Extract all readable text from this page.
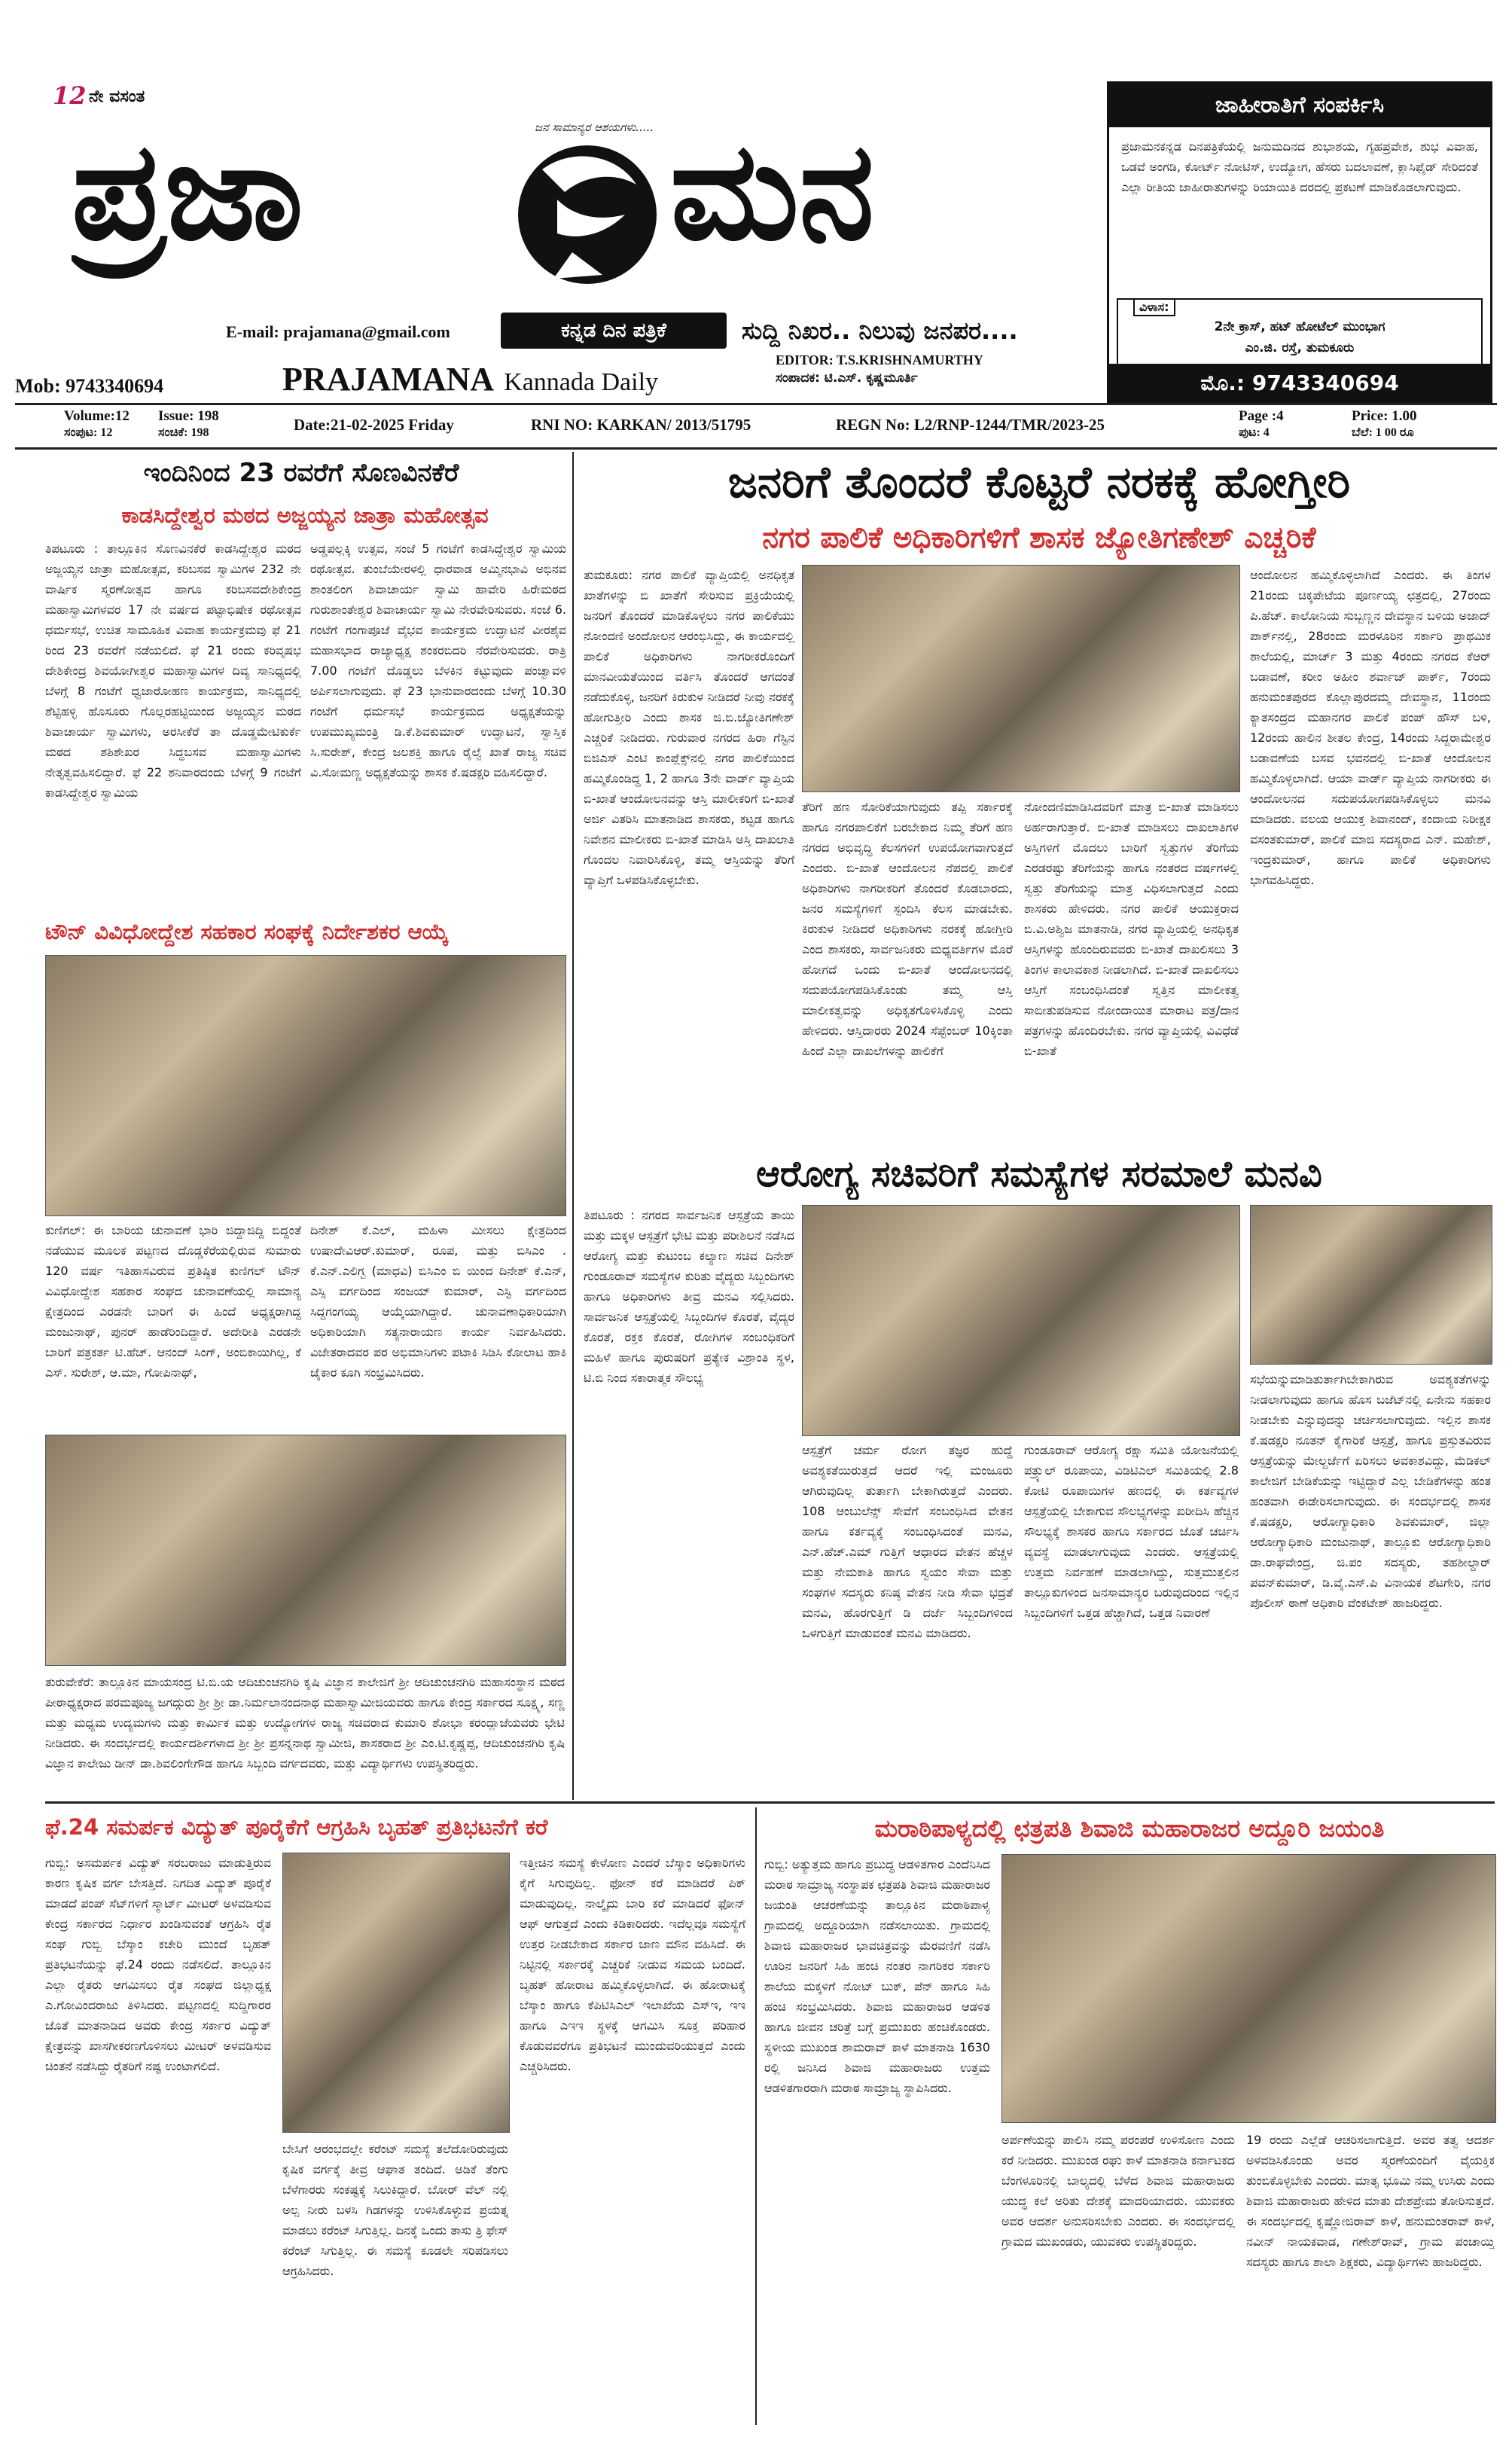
12 ನೇ ವಸಂತ
ಪ್ರಜಾ	ಜನ ಸಾಮಾನ್ಯರ ಆಶಯಗಳು..... ಮನ
E-mail: prajamana@gmail.com	ಕನ್ನಡ ದಿನ ಪತ್ರಿಕೆ	ಸುದ್ದಿ ನಿಖರ.. ನಿಲುವು ಜನಪರ....
EDITOR: T.S.KRISHNAMURTHY
ಸಂಪಾದಕ: ಟಿ.ಎಸ್. ಕೃಷ್ಣಮೂರ್ತಿ
Mob: 9743340694	PRAJAMANA Kannada Daily
ಜಾಹೀರಾತಿಗೆ ಸಂಪರ್ಕಿಸಿ
ಪ್ರಜಾಮನಕನ್ನಡ ದಿನಪತ್ರಿಕೆಯಲ್ಲಿ ಜನುಮದಿನದ ಶುಭಾಶಯ, ಗೃಹಪ್ರವೇಶ, ಶುಭ ವಿವಾಹ, ಒಡವೆ ಅಂಗಡಿ, ಕೋರ್ಟ್ ನೋಟಿಸ್, ಉದ್ಯೋಗ, ಹೆಸರು ಬದಲಾವಣೆ, ಕ್ಲಾಸಿಫೈಡ್ ಸೇರಿದಂತೆ ಎಲ್ಲಾ ರೀತಿಯ ಜಾಹೀರಾತುಗಳನ್ನು ರಿಯಾಯಿತಿ ದರದಲ್ಲಿ ಪ್ರಕಟಣೆ ಮಾಡಿಕೊಡಲಾಗುವುದು.
ವಿಳಾಸ:
2ನೇ ಕ್ರಾಸ್, ಹಟ್ ಹೋಟೆಲ್ ಮುಂಭಾಗ
ಎಂ.ಜಿ. ರಸ್ತೆ, ತುಮಕೂರು
ಮೊ.: 9743340694
Volume:12 Issue: 198
ಸಂಪುಟ: 12	ಸಂಚಿಕೆ: 198	Date:21-02-2025 Friday	RNI NO: KARKAN/ 2013/51795	REGN No: L2/RNP-1244/TMR/2023-25	Page :4
ಪುಟ: 4
Price: 1.00
ಬೆಲೆ: 1 00 ರೂ
ಇಂದಿನಿಂದ 23 ರವರೆಗೆ ಸೊಣವಿನಕೆರೆ
ಕಾಡಸಿದ್ದೇಶ್ವರ ಮಠದ ಅಜ್ಜಯ್ಯನ ಜಾತ್ರಾ ಮಹೋತ್ಸವ
ತಿಪಟೂರು : ತಾಲ್ಲೂಕಿನ ಸೊಣವಿನಕೆರೆ ಕಾಡಸಿದ್ದೇಶ್ವರ ಮಠದ ಅಜ್ಜಯ್ಯನ ಜಾತ್ರಾ ಮಹೋತ್ಸವ, ಕರಿಬಸವ ಸ್ವಾಮಿಗಳ 232 ನೇ ವಾರ್ಷಿಕ ಸ್ಮರಣೋತ್ಸವ ಹಾಗೂ ಕರಿಬಸವದೇಶಿಕೇಂದ್ರ ಮಹಾಸ್ವಾಮಿಗಳವರ 17 ನೇ ವರ್ಷದ ಪಟ್ಟಾಭಿಷೇಕ ರಥೋತ್ಸವ ಧರ್ಮಸಭೆ, ಉಚಿತ ಸಾಮೂಹಿಕ ವಿವಾಹ ಕಾರ್ಯಕ್ರಮವು ಫೆ 21 ರಿಂದ 23 ರವರೆಗೆ ನಡೆಯಲಿದೆ. ಫೆ 21 ರಂದು ಕರಿವೃಷಭ ದೇಶಿಕೇಂದ್ರ ಶಿವಯೋಗೀಶ್ವರ ಮಹಾಸ್ವಾಮಿಗಳ ದಿವ್ಯ ಸಾನಿಧ್ಯದಲ್ಲಿ ಬೆಳಗ್ಗೆ 8 ಗಂಟೆಗೆ ಧ್ವಜಾರೋಹಣ ಕಾರ್ಯಕ್ರಮ, ಸಾನಿಧ್ಯದಲ್ಲಿ ಶೆಟ್ಟಿಹಳ್ಳಿ ಹೊಸೂರು ಗೊಲ್ಲರಹಟ್ಟಿಯಿಂದ ಅಜ್ಜಯ್ಯನ ಮಠದ ಶಿವಾಚಾರ್ಯ ಸ್ವಾಮಿಗಳು, ಅರಸೀಕೆರೆ ತಾ ದೊಡ್ಡಮೇಟಿಕುರ್ಕೆ ಮಠದ ಶಶಿಶೇಖರ ಸಿದ್ಧಬಸವ ಮಹಾಸ್ವಾಮಿಗಳು ನೇತೃತ್ವವಹಿಸಲಿದ್ದಾರೆ. ಫೆ 22 ಶನಿವಾರದಂದು ಬೆಳಗ್ಗೆ 9 ಗಂಟೆಗೆ ಕಾಡಸಿದ್ದೇಶ್ವರ ಸ್ವಾಮಿಯ
ಅಡ್ಡಪಲ್ಲಕ್ಕಿ ಉತ್ಸವ, ಸಂಜೆ 5 ಗಂಟೆಗೆ ಕಾಡಸಿದ್ದೇಶ್ವರ ಸ್ವಾಮಿಯ ರಥೋತ್ಸವ. ತುಂಬೆಯೇರಳಲ್ಲಿ ಧಾರವಾಡ ಅಮ್ಮಿನಭಾವಿ ಅಭಿನವ ಶಾಂತಲಿಂಗ ಶಿವಾಚಾರ್ಯ ಸ್ವಾಮಿ ಹಾವೇರಿ ಹಿರೇಮಠದ ಗುರುಶಾಂತೇಶ್ವರ ಶಿವಾಚಾರ್ಯ ಸ್ವಾಮಿ ನೇರವೇರಿಸುವರು. ಸಂಜೆ 6. ಗಂಟೆಗೆ ಗಂಗಾಪೂಜೆ ವೈಭವ ಕಾರ್ಯಕ್ರಮ ಉದ್ಘಾಟನೆ ವೀರಶೈವ ಮಹಾಸಭಾದ ರಾಜ್ಯಾಧ್ಯಕ್ಷ ಶಂಕರಬಿದರಿ ನೆರವೇರಿಸುವರು. ರಾತ್ರಿ 7.00 ಗಂಟೆಗೆ ದೊಡ್ಡಲು ಬೆಳಕಿನ ಕಟ್ಟುವುದು ಪಂಚ್ವಾವಳಿ ಅರ್ಪಿಸಲಾಗುವುದು. ಫೆ 23 ಭಾನುವಾರದಂದು ಬೆಳಗ್ಗೆ 10.30 ಗಂಟೆಗೆ ಧರ್ಮಸಭೆ ಕಾರ್ಯಕ್ರಮದ ಅಧ್ಯಕ್ಷತೆಯನ್ನು ಉಪಮುಖ್ಯಮಂತ್ರಿ ಡಿ.ಕೆ.ಶಿವಕುಮಾರ್ ಉದ್ಘಾಟನೆ, ಸ್ವಾಸ್ತಿಕ ಸಿ.ಸುರೇಶ್, ಕೇಂದ್ರ ಜಲಶಕ್ತಿ ಹಾಗೂ ರೈಲ್ವೆ ಖಾತೆ ರಾಜ್ಯ ಸಚಿವ ವಿ.ಸೋಮಣ್ಣ ಅಧ್ಯಕ್ಷತೆಯನ್ನು ಶಾಸಕ ಕೆ.ಷಡಕ್ಷರಿ ವಹಿಸಲಿದ್ದಾರೆ.
ಟೌನ್ ವಿವಿಧೋದ್ದೇಶ ಸಹಕಾರ ಸಂಘಕ್ಕೆ ನಿರ್ದೇಶಕರ ಆಯ್ಕೆ
ಕುಣಿಗಲ್: ಈ ಬಾರಿಯ ಚುನಾವಣೆ ಭಾರಿ ಜಿದ್ದಾಜಿದ್ದಿ ಬಿದ್ದಂತೆ ನಡೆಯುವ ಮೂಲಕ ಪಟ್ಟಣದ ದೊಡ್ಡಕೆರೆಯಲ್ಲಿರುವ ಸುಮಾರು 120 ವರ್ಷ ಇತಿಹಾಸವಿರುವ ಪ್ರತಿಷ್ಠಿತ ಕುಣಿಗಲ್ ಟೌನ್ ವಿವಿಧೋದ್ದೇಶ ಸಹಕಾರ ಸಂಘದ ಚುನಾವಣೆಯಲ್ಲಿ ಸಾಮಾನ್ಯ ಕ್ಷೇತ್ರದಿಂದ ಎರಡನೇ ಬಾರಿಗೆ ಈ ಹಿಂದೆ ಅಧ್ಯಕ್ಷರಾಗಿದ್ದ ಮಂಜುನಾಥ್, ಪುನರ್ ಹಾಡೆರಿಂದಿದ್ದಾರೆ. ಅದೇರೀತಿ ಎರಡನೇ ಬಾರಿಗೆ ಪತ್ರಕರ್ತ ಟಿ.ಹೆಚ್. ಆನಂದ್ ಸಿಂಗ್, ಅಂಬಿಕಾಯಿಗಿಲ್ಲ, ಕೆ ಎಸ್. ಸುರೇಶ್, ಆ.ಮಾ, ಗೋಪಿನಾಥ್,
ದಿನೇಶ್ ಕೆ.ಎಲ್, ಮಹಿಳಾ ಮೀಸಲು ಕ್ಷೇತ್ರದಿಂದ ಉಷಾದೇವಿಆರ್.ಕುಮಾರ್, ರೂಪ, ಮತ್ತು ಬಿಸಿಎಂ . ಕೆ.ಎನ್.ಎಲಿಗ್ಬ (ಮಾಧವಿ) ಬಿಸಿಎಂ ಬಿ ಯಿಂದ ದಿನೇಶ್ ಕೆ.ಎನ್, ಎಸ್ಸಿ ವರ್ಗದಿಂದ ಸಂಜಯ್ ಕುಮಾರ್, ಎಸ್ಟಿ ವರ್ಗದಿಂದ ಸಿದ್ದಗಂಗಯ್ಯ ಆಯ್ಕೆಯಾಗಿದ್ದಾರೆ. ಚುನಾವಣಾಧಿಕಾರಿಯಾಗಿ ಅಧಿಕಾರಿಯಾಗಿ ಸತ್ಯನಾರಾಯಣ ಕಾರ್ಯ ನಿರ್ವಹಿಸಿದರು. ವಿಜೇತರಾದವರ ಪರ ಅಭಿಮಾನಿಗಳು ಪಟಾಕಿ ಸಿಡಿಸಿ ಕೋಲಾಟ ಹಾಕಿ ಜೈಕಾರ ಕೂಗಿ ಸಂಭ್ರಮಿಸಿದರು.
ತುರುವೇಕೆರೆ: ತಾಲ್ಲೂಕಿನ ಮಾಯಸಂದ್ರ ಟಿ.ಬಿ.ಯ ಆದಿಚುಂಚನಗಿರಿ ಕೃಷಿ ವಿಜ್ಞಾನ ಕಾಲೇಜಿಗೆ ಶ್ರೀ ಆದಿಚುಂಚನಗಿರಿ ಮಹಾಸಂಸ್ಥಾನ ಮಠದ ಪೀಠಾಧ್ಯಕ್ಷರಾದ ಪರಮಪೂಜ್ಯ ಜಗದ್ಗುರು ಶ್ರೀ ಶ್ರೀ ಡಾ.ನಿರ್ಮಲಾನಂದನಾಥ ಮಹಾಸ್ವಾಮೀಜಿಯವರು ಹಾಗೂ ಕೇಂದ್ರ ಸರ್ಕಾರದ ಸೂಕ್ಷ್ಮ, ಸಣ್ಣ ಮತ್ತು ಮಧ್ಯಮ ಉದ್ಯಮಗಳು ಮತ್ತು ಕಾರ್ಮಿಕ ಮತ್ತು ಉದ್ಯೋಗಗಳ ರಾಜ್ಯ ಸಚಿವರಾದ ಕುಮಾರಿ ಶೋಭಾ ಕರಂದ್ಲಾಜೆಯವರು ಭೇಟಿ ನೀಡಿದರು. ಈ ಸಂದರ್ಭದಲ್ಲಿ ಕಾರ್ಯದರ್ಶಿಗಳಾದ ಶ್ರೀ ಶ್ರೀ ಪ್ರಸನ್ನನಾಥ ಸ್ವಾಮೀಜಿ, ಶಾಸಕರಾದ ಶ್ರೀ ಎಂ.ಟಿ.ಕೃಷ್ಣಪ್ಪ, ಆದಿಚುಂಚನಗಿರಿ ಕೃಷಿ ವಿಜ್ಞಾನ ಕಾಲೇಜು ಡೀನ್ ಡಾ.ಶಿವಲಿಂಗೇಗೌಡ ಹಾಗೂ ಸಿಬ್ಬಂದಿ ವರ್ಗದವರು, ಮತ್ತು ವಿದ್ಯಾರ್ಥಿಗಳು ಉಪಸ್ಥಿತರಿದ್ದರು.
ಜನರಿಗೆ ತೊಂದರೆ ಕೊಟ್ಟರೆ ನರಕಕ್ಕೆ ಹೋಗ್ತೀರಿ
ನಗರ ಪಾಲಿಕೆ ಅಧಿಕಾರಿಗಳಿಗೆ ಶಾಸಕ ಜ್ಯೋತಿಗಣೇಶ್ ಎಚ್ಚರಿಕೆ
ತುಮಕೂರು: ನಗರ ಪಾಲಿಕೆ ವ್ಯಾಪ್ತಿಯಲ್ಲಿ ಅನಧಿಕೃತ ಖಾತೆಗಳನ್ನು ಬಿ ಖಾತೆಗೆ ಸೇರಿಸುವ ಪ್ರಕ್ರಿಯೆಯಲ್ಲಿ ಜನರಿಗೆ ತೊಂದರೆ ಮಾಡಿಕೊಳ್ಳಲು ನಗರ ಪಾಲಿಕೆಯು ನೋಂದಣಿ ಅಂದೋಲನ ಆರಂಭಿಸಿದ್ದು, ಈ ಕಾರ್ಯದಲ್ಲಿ ಪಾಲಿಕೆ ಅಧಿಕಾರಿಗಳು ನಾಗರೀಕರೊಂದಿಗೆ ಮಾನವೀಯತೆಯಿಂದ ವರ್ತಿಸಿ ತೊಂದರೆ ಆಗದಂತೆ ನಡೆದುಕೊಳ್ಳಿ, ಜನರಿಗೆ ಕಿರುಕುಳ ನೀಡಿದರೆ ನೀವು ನರಕಕ್ಕೆ ಹೋಗುತ್ತೀರಿ ಎಂದು ಶಾಸಕ ಜಿ.ಬಿ.ಜ್ಯೋತಿಗಣೇಶ್ ಎಚ್ಚರಿಕೆ ನೀಡಿದರು. ಗುರುವಾರ ನಗರದ ಹಿರಾ ಗೆಸ್ಟಿನ ಬಿಜಿಎಸ್ ಎಂಟಿ ಕಾಂಪ್ಲೆಕ್ಸ್‌ನಲ್ಲಿ ನಗರ ಪಾಲಿಕೆಯಿಂದ ಹಮ್ಮಿಕೊಂಡಿದ್ದ 1, 2 ಹಾಗೂ 3ನೇ ವಾರ್ಡ್ ವ್ಯಾಪ್ತಿಯ ಬಿ-ಖಾತೆ ಆಂದೋಲನವನ್ನು ಆಸ್ತಿ ಮಾಲೀಕರಿಗೆ ಬಿ-ಖಾತೆ ಅರ್ಜಿ ವಿತರಿಸಿ ಮಾತನಾಡಿದ ಶಾಸಕರು, ಕಟ್ಟಡ ಹಾಗೂ ನಿವೇಶನ ಮಾಲೀಕರು ಬಿ-ಖಾತೆ ಮಾಡಿಸಿ ಅಸ್ತಿ ದಾಖಲಾತಿ ಗೊಂದಲ ನಿವಾರಿಸಿಕೊಳ್ಳಿ, ತಮ್ಮ ಆಸ್ತಿಯನ್ನು ತೆರಿಗೆ ವ್ಯಾಪ್ತಿಗೆ ಒಳಪಡಿಸಿಕೊಳ್ಳಬೇಕು.
ತೆರಿಗೆ ಹಣ ಸೋರಿಕೆಯಾಗುವುದು ತಪ್ಪಿ ಸರ್ಕಾರಕ್ಕೆ ಹಾಗೂ ನಗರಪಾಲಿಕೆಗೆ ಬರಬೇಕಾದ ನಿಮ್ಮ ತೆರಿಗೆ ಹಣ ನಗರದ ಅಭಿವೃದ್ಧಿ ಕೆಲಸಗಳಿಗೆ ಉಪಯೋಗವಾಗುತ್ತದೆ ಎಂದರು. ಬಿ-ಖಾತೆ ಆಂದೋಲನ ನೆಪದಲ್ಲಿ ಪಾಲಿಕೆ ಅಧಿಕಾರಿಗಳು ನಾಗರೀಕರಿಗೆ ತೊಂದರೆ ಕೊಡಬಾರದು, ಜನರ ಸಮಸ್ಯೆಗಳಿಗೆ ಸ್ಪಂದಿಸಿ ಕೆಲಸ ಮಾಡಬೇಕು. ಕಿರುಕುಳ ನೀಡಿದರೆ ಅಧಿಕಾರಿಗಳು ನರಕಕ್ಕೆ ಹೋಗ್ತೀರಿ ಎಂದ ಶಾಸಕರು, ಸಾರ್ವಜನಿಕರು ಮಧ್ಯವರ್ತಿಗಳ ಮೊರೆ ಹೋಗದೆ ಒಂದು ಬಿ-ಖಾತೆ ಆಂದೋಲನದಲ್ಲಿ ಸದುಪಯೋಗಪಡಿಸಿಕೊಂಡು ತಮ್ಮ ಆಸ್ತಿ ಮಾಲೀಕತ್ವವನ್ನು ಅಧಿಕೃತಗೊಳಿಸಿಕೊಳ್ಳಿ ಎಂದು ಹೇಳಿದರು. ಆಸ್ತಿದಾರರು 2024 ಸೆಪ್ಟೆಂಬರ್ 10ಕ್ಕಿಂತಾ ಹಿಂದೆ ಎಲ್ಲಾ ದಾಖಲೆಗಳನ್ನು ಪಾಲಿಕೆಗೆ
ನೋಂದಣಿಮಾಡಿಸಿದವರಿಗೆ ಮಾತ್ರ ಬಿ-ಖಾತೆ ಮಾಡಿಸಲು ಅರ್ಹರಾಗುತ್ತಾರೆ. ಬಿ-ಖಾತೆ ಮಾಡಿಸಲು ದಾಖಲಾತಿಗಳ ಅಸ್ತಿಗಳಿಗೆ ಮೊದಲು ಬಾರಿಗೆ ಸ್ವತ್ತುಗಳ ತೆರಿಗೆಯ ಎರಡರಷ್ಟು ತೆರಿಗೆಯನ್ನು ಹಾಗೂ ನಂತರದ ವರ್ಷಗಳಲ್ಲಿ ಸ್ವತ್ತು ತೆರಿಗೆಯನ್ನು ಮಾತ್ರ ವಿಧಿಸಲಾಗುತ್ತದೆ ಎಂದು ಶಾಸಕರು ಹೇಳಿದರು. ನಗರ ಪಾಲಿಕೆ ಆಯುಕ್ತರಾದ ಬಿ.ವಿ.ಅಶ್ವಿಜ ಮಾತನಾಡಿ, ನಗರ ವ್ಯಾಪ್ತಿಯಲ್ಲಿ ಅನಧಿಕೃತ ಆಸ್ತಿಗಳನ್ನು ಹೊಂದಿರುವವರು ಬಿ-ಖಾತೆ ದಾಖಲಿಸಲು 3 ತಿಂಗಳ ಕಾಲಾವಕಾಶ ನೀಡಲಾಗಿದೆ. ಬಿ-ಖಾತೆ ದಾಖಲಿಸಲು ಆಸ್ತಿಗೆ ಸಂಬಂಧಿಸಿದಂತೆ ಸ್ವತ್ತಿನ ಮಾಲೀಕತ್ವ ಸಾಬೀತುಪಡಿಸುವ ನೋಂದಾಯಿತ ಮಾರಾಟ ಪತ್ರ/ದಾನ ಪತ್ರಗಳನ್ನು ಹೊಂದಿರಬೇಕು. ನಗರ ವ್ಯಾಪ್ತಿಯಲ್ಲಿ ವಿವಿಧೆಡೆ ಬಿ-ಖಾತೆ
ಆಂದೋಲನ ಹಮ್ಮಿಕೊಳ್ಳಲಾಗಿದೆ ಎಂದರು. ಈ ತಿಂಗಳ 21ರಂದು ಚಿಕ್ಕಪೇಟೆಯ ಪೂರ್ಣಯ್ಯ ಛತ್ರದಲ್ಲಿ, 27ರಂದು ಪಿ.ಹೆಚ್. ಕಾಲೋನಿಯ ಸುಬ್ಬಣ್ಣನ ದೇವಸ್ಥಾನ ಬಳಿಯ ಅಜಾದ್ ಪಾರ್ಕ್‌ನಲ್ಲಿ, 28ರಂದು ಮರಳೂರಿನ ಸರ್ಕಾರಿ ಪ್ರಾಥಮಿಕ ಶಾಲೆಯಲ್ಲಿ, ಮಾರ್ಚ್ 3 ಮತ್ತು 4ರಂದು ನಗರದ ಕೆಆರ್ ಬಡಾವಣೆ, ಕರೀಂ ಅಹೀಂ ಶರ್ವಾಜ್ ಪಾರ್ಕ್, 7ರಂದು ಹನುಮಂತಪುರದ ಕೊಲ್ಲಾಪುರದಮ್ಮ ದೇವಸ್ಥಾನ, 11ರಂದು ಕ್ಯಾತಸಂದ್ರದ ಮಹಾನಗರ ಪಾಲಿಕೆ ಪಂಪ್ ಹೌಸ್ ಬಳಿ, 12ರಂದು ಹಾಲಿನ ಶೀತಲ ಕೇಂದ್ರ, 14ರಂದು ಸಿದ್ದರಾಮೇಶ್ವರ ಬಡಾವಣೆಯ ಬಸವ ಭವನದಲ್ಲಿ ಬಿ-ಖಾತೆ ಆಂದೋಲನ ಹಮ್ಮಿಕೊಳ್ಳಲಾಗಿದೆ. ಆಯಾ ವಾರ್ಡ್ ವ್ಯಾಪ್ತಿಯ ನಾಗರೀಕರು ಈ ಆಂದೋಲನದ ಸದುಪಯೋಗಪಡಿಸಿಕೊಳ್ಳಲು ಮನವಿ ಮಾಡಿದರು. ವಲಯ ಆಯುಕ್ತ ಶಿವಾನಂದ್, ಕಂದಾಯ ನಿರೀಕ್ಷಕ ವಸಂತಕುಮಾರ್, ಪಾಲಿಕೆ ಮಾಜಿ ಸದಸ್ಯರಾದ ಎನ್. ಮಹೇಶ್, ಇಂದ್ರಕುಮಾರ್, ಹಾಗೂ ಪಾಲಿಕೆ ಅಧಿಕಾರಿಗಳು ಭಾಗವಹಿಸಿದ್ದರು.
ಆರೋಗ್ಯ ಸಚಿವರಿಗೆ ಸಮಸ್ಯೆಗಳ ಸರಮಾಲೆ ಮನವಿ
ತಿಪಟೂರು : ನಗರದ ಸಾರ್ವಜನಿಕ ಆಸ್ಪತ್ರೆಯ ತಾಯಿ ಮತ್ತು ಮಕ್ಕಳ ಆಸ್ಪತ್ರೆಗೆ ಭೇಟಿ ಮತ್ತು ಪರೀಶಿಲನೆ ನಡೆಸಿದ ಆರೋಗ್ಯ ಮತ್ತು ಕುಟುಂಬ ಕಲ್ಯಾಣ ಸಚಿವ ದಿನೇಶ್ ಗುಂಡೂರಾವ್ ಸಮಸ್ಯೆಗಳ ಕುರಿತು ವೈದ್ಯರು ಸಿಬ್ಬಂದಿಗಳು ಹಾಗೂ ಅಧಿಕಾರಿಗಳು ತೀವ್ರ ಮನವಿ ಸಲ್ಲಿಸಿದರು. ಸಾರ್ವಜನಿಕ ಆಸ್ಪತ್ರೆಯಲ್ಲಿ ಸಿಬ್ಬಂದಿಗಳ ಕೊರತೆ, ವೈದ್ಯರ ಕೊರತೆ, ರಕ್ತಕ ಕೊರತೆ, ರೋಗಿಗಳ ಸಂಬಂಧಿಕರಿಗೆ ಮಹಿಳೆ ಹಾಗೂ ಪುರುಷರಿಗೆ ಪ್ರತ್ಯೇಕ ವಿಶ್ರಾಂತಿ ಸ್ಥಳ, ಟಿ.ಬಿ ನಿಂದ ಸಕಾರಾತ್ಮಕ ಸೌಲಭ್ಯ
ಆಸ್ಪತ್ರೆಗೆ ಚರ್ಮ ರೋಗ ತಜ್ಞರ ಹುದ್ದೆ ಅವಶ್ಯಕತೆಯಿರುತ್ತದೆ ಆದರೆ ಇಲ್ಲಿ ಮಂಜೂರು ಆಗಿರುವುದಿಲ್ಲ ತುರ್ತಾಗಿ ಬೇಕಾಗಿರುತ್ತದೆ ಎಂದರು. 108 ಆಂಬುಲೆನ್ಸ್ ಸೇವೆಗೆ ಸಂಬಂಧಿಸಿದ ವೇತನ ಹಾಗೂ ಕರ್ತವ್ಯಕ್ಕೆ ಸಂಬಂಧಿಸಿದಂತೆ ಮನವಿ, ಎನ್.ಹೆಚ್.ಎಮ್ ಗುತ್ತಿಗೆ ಆಧಾರದ ವೇತನ ಹೆಚ್ಚಳ ಮತ್ತು ನೇಮಕಾತಿ ಹಾಗೂ ಸ್ವಯಂ ಸೇವಾ ಮತ್ತು ಸಂಘಗಳ ಸದಸ್ಯರು ಕನಿಷ್ಠ ವೇತನ ನೀಡಿ ಸೇವಾ ಭದ್ರತೆ ಮನವಿ, ಹೊರಗುತ್ತಿಗೆ ಡಿ ದರ್ಜೆ ಸಿಬ್ಬಂದಿಗಳಿಂದ ಒಳಗುತ್ತಿಗೆ ಮಾಡುವಂತೆ ಮನವಿ ಮಾಡಿದರು.
ಗುಂಡೂರಾವ್ ಆರೋಗ್ಯ ರಕ್ಷಾ ಸಮಿತಿ ಯೋಜನೆಯಲ್ಲಿ ಪತ್ರ್ಯುಲ್ ರೂಪಾಯಿ, ವಿಡಿಟಿಎಲ್ ಸಮಿತಿಯಲ್ಲಿ 2.8 ಕೋಟಿ ರೂಪಾಯಿಗಳ ಹಣದಲ್ಲಿ ಈ ಕರ್ತವ್ಯಗಳ ಆಸ್ಪತ್ರೆಯಲ್ಲಿ ಬೇಕಾಗುವ ಸೌಲಭ್ಯಗಳನ್ನು ಖರೀದಿಸಿ ಹೆಚ್ಚಿನ ಸೌಲಭ್ಯಕ್ಕೆ ಶಾಸಕರ ಹಾಗೂ ಸರ್ಕಾರದ ಜೊತೆ ಚರ್ಚಿಸಿ ವ್ಯವಸ್ಥೆ ಮಾಡಲಾಗುವುದು ಎಂದರು. ಆಸ್ಪತ್ರೆಯಲ್ಲಿ ಉತ್ತಮ ನಿರ್ವಹಣೆ ಮಾಡಲಾಗಿದ್ದು, ಸುತ್ತಮುತ್ತಲಿನ ತಾಲ್ಲೂಕುಗಳಿಂದ ಜನಸಾಮಾನ್ಯರ ಬರುವುದರಿಂದ ಇಲ್ಲಿನ ಸಿಬ್ಬಂದಿಗಳಿಗೆ ಒತ್ತಡ ಹೆಚ್ಚಾಗಿದೆ, ಒತ್ತಡ ನಿವಾರಣೆ
ಸಭೆಯನ್ನುಮಾಡಿತುರ್ತಾಗಿಬೇಕಾಗಿರುವ ಅವಶ್ಯಕತೆಗಳನ್ನು ನೀಡಲಾಗುವುದು ಹಾಗೂ ಹೊಸ ಬಜೆಟ್‌ನಲ್ಲಿ ಏನೇನು ಸಹಕಾರ ನೀಡಬೇಕು ಎನ್ನುವುದನ್ನು ಚರ್ಚಿಸಲಾಗುವುದು. ಇಲ್ಲಿನ ಶಾಸಕ ಕೆ.ಷಡಕ್ಷರಿ ನೂತನ್ ಕೈಗಾರಿಕೆ ಆಸ್ಪತ್ರೆ, ಹಾಗೂ ಪ್ರಸ್ತುತವಿರುವ ಆಸ್ಪತ್ರೆಯನ್ನು ಮೇಲ್ದರ್ಜೆಗೆ ಏರಿಸಲು ಅವಕಾಶವಿದ್ದು, ಮೆಡಿಕಲ್ ಕಾಲೇಜಿಗೆ ಬೇಡಿಕೆಯನ್ನು ಇಟ್ಟಿದ್ದಾರೆ ಎಲ್ಲ ಬೇಡಿಕೆಗಳನ್ನು ಹಂತ ಹಂತವಾಗಿ ಈಡೇರಿಸಲಾಗುವುದು. ಈ ಸಂದರ್ಭದಲ್ಲಿ ಶಾಸಕ ಕೆ.ಷಡಕ್ಷರಿ, ಆರೋಗ್ಯಾಧಿಕಾರಿ ಶಿವಕುಮಾರ್, ಜಿಲ್ಲಾ ಆರೋಗ್ಯಾಧಿಕಾರಿ ಮಂಜುನಾಥ್, ತಾಲ್ಲೂಕು ಆರೋಗ್ಯಾಧಿಕಾರಿ ಡಾ.ರಾಘವೇಂದ್ರ, ಜಿ.ಪಂ ಸದಸ್ಯರು, ತಹಶೀಲ್ದಾರ್ ಪವನ್‌ಕುಮಾರ್, ಡಿ.ವೈ.ಎಸ್.ಪಿ ವಿನಾಯಕ ಶೆಟಗೇರಿ, ನಗರ ಪೊಲೀಸ್ ಠಾಣೆ ಅಧಿಕಾರಿ ವೆಂಕಟೇಶ್ ಹಾಜರಿದ್ದರು.
ಫೆ.24 ಸಮರ್ಪಕ ವಿದ್ಯುತ್ ಪೂರೈಕೆಗೆ ಆಗ್ರಹಿಸಿ ಬೃಹತ್ ಪ್ರತಿಭಟನೆಗೆ ಕರೆ
ಗುಬ್ಬಿ: ಅಸಮರ್ಪಕ ವಿದ್ಯುತ್ ಸರಬರಾಜು ಮಾಡುತ್ತಿರುವ ಕಾರಣ ಕೃಷಿಕ ವರ್ಗ ಬೇಸತ್ತಿದೆ. ನಿಗದಿತ ವಿದ್ಯುತ್ ಪೂರೈಕೆ ಮಾಡದೆ ಪಂಪ್ ಸೆಟ್‌ಗಳಿಗೆ ಸ್ಮಾರ್ಟ್ ಮೀಟರ್ ಅಳವಡಿಸುವ ಕೇಂದ್ರ ಸರ್ಕಾರದ ನಿರ್ಧಾರ ಖಂಡಿಸುವಂತೆ ಆಗ್ರಹಿಸಿ ರೈತ ಸಂಘ ಗುಬ್ಬಿ ಬೆಸ್ಕಾಂ ಕಚೇರಿ ಮುಂದೆ ಬೃಹತ್ ಪ್ರತಿಭಟನೆಯನ್ನು ಫೆ.24 ರಂದು ನಡೆಸಲಿದೆ. ತಾಲ್ಲೂಕಿನ ಎಲ್ಲಾ ರೈತರು ಆಗಮಿಸಲು ರೈತ ಸಂಘದ ಜಿಲ್ಲಾಧ್ಯಕ್ಷ ಎ.ಗೋವಿಂದರಾಜು ತಿಳಿಸಿದರು. ಪಟ್ಟಣದಲ್ಲಿ ಸುದ್ದಿಗಾರರ ಜೊತೆ ಮಾತನಾಡಿದ ಅವರು ಕೇಂದ್ರ ಸರ್ಕಾರ ವಿದ್ಯುತ್ ಕ್ಷೇತ್ರವನ್ನು ಖಾಸಗೀಕರಣಗೊಳಿಸಲು ಮೀಟರ್ ಅಳವಡಿಸುವ ಚಿಂತನೆ ನಡೆಸಿದ್ದು ರೈತರಿಗೆ ನಷ್ಟ ಉಂಟಾಗಲಿದೆ.
ಬೇಸಿಗೆ ಆರಂಭದಲ್ಲೇ ಕರೆಂಟ್ ಸಮಸ್ಯೆ ತಲೆದೋರಿರುವುದು ಕೃಷಿಕ ವರ್ಗಕ್ಕೆ ತೀವ್ರ ಆಘಾತ ತಂದಿದೆ. ಅಡಿಕೆ ತೆಂಗು ಬೆಳೆಗಾರರು ಸಂಕಷ್ಟಕ್ಕೆ ಸಿಲುಕಿದ್ದಾರೆ. ಬೋರ್ ವೆಲ್ ನಲ್ಲಿ ಅಲ್ಪ ನೀರು ಬಳಸಿ ಗಿಡಗಳನ್ನು ಉಳಿಸಿಕೊಳ್ಳುವ ಪ್ರಯತ್ನ ಮಾಡಲು ಕರೆಂಟ್ ಸಿಗುತ್ತಿಲ್ಲ. ದಿನಕ್ಕೆ ಒಂದು ತಾಸು ತ್ರಿ ಫೇಸ್ ಕರೆಂಟ್ ಸಿಗುತ್ತಿಲ್ಲ. ಈ ಸಮಸ್ಯೆ ಕೂಡಲೇ ಸರಿಪಡಿಸಲು ಆಗ್ರಹಿಸಿದರು.
ಇತ್ತೀಚಿನ ಸಮಸ್ಯೆ ಕೇಳೋಣ ಎಂದರೆ ಬೆಸ್ಕಾಂ ಅಧಿಕಾರಿಗಳು ಕೈಗೆ ಸಿಗುವುದಿಲ್ಲ. ಫೋನ್ ಕರೆ ಮಾಡಿದರೆ ಪಿಕ್ ಮಾಡುವುದಿಲ್ಲ. ನಾಲ್ಕೈದು ಬಾರಿ ಕರೆ ಮಾಡಿದರೆ ಫೋನ್ ಆಫ್ ಆಗುತ್ತದೆ ಎಂದು ಕಿಡಿಕಾರಿದರು. ಇದೆಲ್ಲವೂ ಸಮಸ್ಯೆಗೆ ಉತ್ತರ ನೀಡಬೇಕಾದ ಸರ್ಕಾರ ಜಾಣ ಮೌನ ವಹಿಸಿದೆ. ಈ ನಿಟ್ಟಿನಲ್ಲಿ ಸರ್ಕಾರಕ್ಕೆ ಎಚ್ಚರಿಕೆ ನೀಡುವ ಸಮಯ ಬಂದಿದೆ. ಬೃಹತ್ ಹೋರಾಟ ಹಮ್ಮಿಕೊಳ್ಳಲಾಗಿದೆ. ಈ ಹೋರಾಟಕ್ಕೆ ಬೆಸ್ಕಾಂ ಹಾಗೂ ಕೆಪಿಟಿಸಿಎಲ್ ಇಲಾಖೆಯ ಎಸ್ಇ, ಇಇ ಹಾಗೂ ಎಇಇ ಸ್ಥಳಕ್ಕೆ ಆಗಮಿಸಿ ಸೂಕ್ತ ಪರಿಹಾರ ಕೊಡುವವರೆಗೂ ಪ್ರತಿಭಟನೆ ಮುಂದುವರಿಯುತ್ತದೆ ಎಂದು ಎಚ್ಚರಿಸಿದರು.
ಮರಾಠಿಪಾಳ್ಯದಲ್ಲಿ ಛತ್ರಪತಿ ಶಿವಾಜಿ ಮಹಾರಾಜರ ಅದ್ದೂರಿ ಜಯಂತಿ
ಗುಬ್ಬಿ: ಅತ್ಯುತ್ತಮ ಹಾಗೂ ಪ್ರಬುದ್ಧ ಆಡಳಿತಗಾರ ಎಂದೆನಿಸಿದ ಮರಾಠ ಸಾಮ್ರಾಜ್ಯ ಸಂಸ್ಥಾಪಕ ಛತ್ರಪತಿ ಶಿವಾಜಿ ಮಹಾರಾಜರ ಜಯಂತಿ ಆಚರಣೆಯನ್ನು ತಾಲ್ಲೂಕಿನ ಮರಾಠಿಪಾಳ್ಯ ಗ್ರಾಮದಲ್ಲಿ ಅದ್ದೂರಿಯಾಗಿ ನಡೆಸಲಾಯಿತು. ಗ್ರಾಮದಲ್ಲಿ ಶಿವಾಜಿ ಮಹಾರಾಜರ ಭಾವಚಿತ್ರವನ್ನು ಮೆರವಣಿಗೆ ನಡೆಸಿ ಊರಿನ ಜನರಿಗೆ ಸಿಹಿ ಹಂಚಿ ನಂತರ ನಾಗರಿಕರ ಸರ್ಕಾರಿ ಶಾಲೆಯ ಮಕ್ಕಳಿಗೆ ನೋಟ್ ಬುಕ್, ಪೆನ್ ಹಾಗೂ ಸಿಹಿ ಹಂಚಿ ಸಂಭ್ರಮಿಸಿದರು. ಶಿವಾಜಿ ಮಹಾರಾಜರ ಆಡಳಿತ ಹಾಗೂ ಜೀವನ ಚರಿತ್ರೆ ಬಗ್ಗೆ ಪ್ರಮುಖರು ಹಂಚಿಕೊಂಡರು. ಸ್ಥಳೀಯ ಮುಖಂಡ ಶಾಮರಾವ್ ಕಾಳೆ ಮಾತನಾಡಿ 1630 ರಲ್ಲಿ ಜನಿಸಿದ ಶಿವಾಜಿ ಮಹಾರಾಜರು ಉತ್ತಮ ಆಡಳಿತಗಾರರಾಗಿ ಮರಾಠ ಸಾಮ್ರಾಜ್ಯ ಸ್ಥಾಪಿಸಿದರು.
ಅರ್ಪಣೆಯನ್ನು ಪಾಲಿಸಿ ನಮ್ಮ ಪರಂಪರೆ ಉಳಿಸೋಣ ಎಂದು ಕರೆ ನೀಡಿದರು. ಮುಖಂಡ ರಘು ಕಾಳೆ ಮಾತನಾಡಿ ಕರ್ನಾಟಕದ ಬೆಂಗಳೂರಿನಲ್ಲಿ ಬಾಲ್ಯದಲ್ಲಿ ಬೆಳೆದ ಶಿವಾಜಿ ಮಹಾರಾಜರು ಯುದ್ಧ ಕಲೆ ಅರಿತು ದೇಶಕ್ಕೆ ಮಾದರಿಯಾದರು. ಯುವಕರು ಅವರ ಆದರ್ಶ ಅನುಸರಿಸಬೇಕು ಎಂದರು. ಈ ಸಂದರ್ಭದಲ್ಲಿ ಗ್ರಾಮದ ಮುಖಂಡರು, ಯುವಕರು ಉಪಸ್ಥಿತರಿದ್ದರು.
19 ರಂದು ಎಲ್ಲೆಡೆ ಆಚರಿಸಲಾಗುತ್ತಿದೆ. ಅವರ ತತ್ವ ಆದರ್ಶ ಅಳವಡಿಸಿಕೊಂಡು ಅವರ ಸ್ಮರಣೆಯಂದಿಗೆ ವೈಯಕ್ತಿಕ ತುಂಬಿಕೊಳ್ಳಬೇಕು ಎಂದರು. ಮಾತೃ ಭೂಮಿ ನಮ್ಮ ಉಸಿರು ಎಂದು ಶಿವಾಜಿ ಮಹಾರಾಜರು ಹೇಳಿದ ಮಾತು ದೇಶಪ್ರೇಮ ತೋರಿಸುತ್ತದೆ. ಈ ಸಂದರ್ಭದಲ್ಲಿ ಕೃಷ್ಣೋಜಿರಾವ್ ಕಾಳೆ, ಹನುಮಂತರಾವ್ ಕಾಳೆ, ನವೀನ್ ನಾಯಕವಾಡ, ಗಣೇಶ್‌ರಾವ್, ಗ್ರಾಮ ಪಂಚಾಯ್ತಿ ಸದಸ್ಯರು ಹಾಗೂ ಶಾಲಾ ಶಿಕ್ಷಕರು, ವಿದ್ಯಾರ್ಥಿಗಳು ಹಾಜರಿದ್ದರು.
